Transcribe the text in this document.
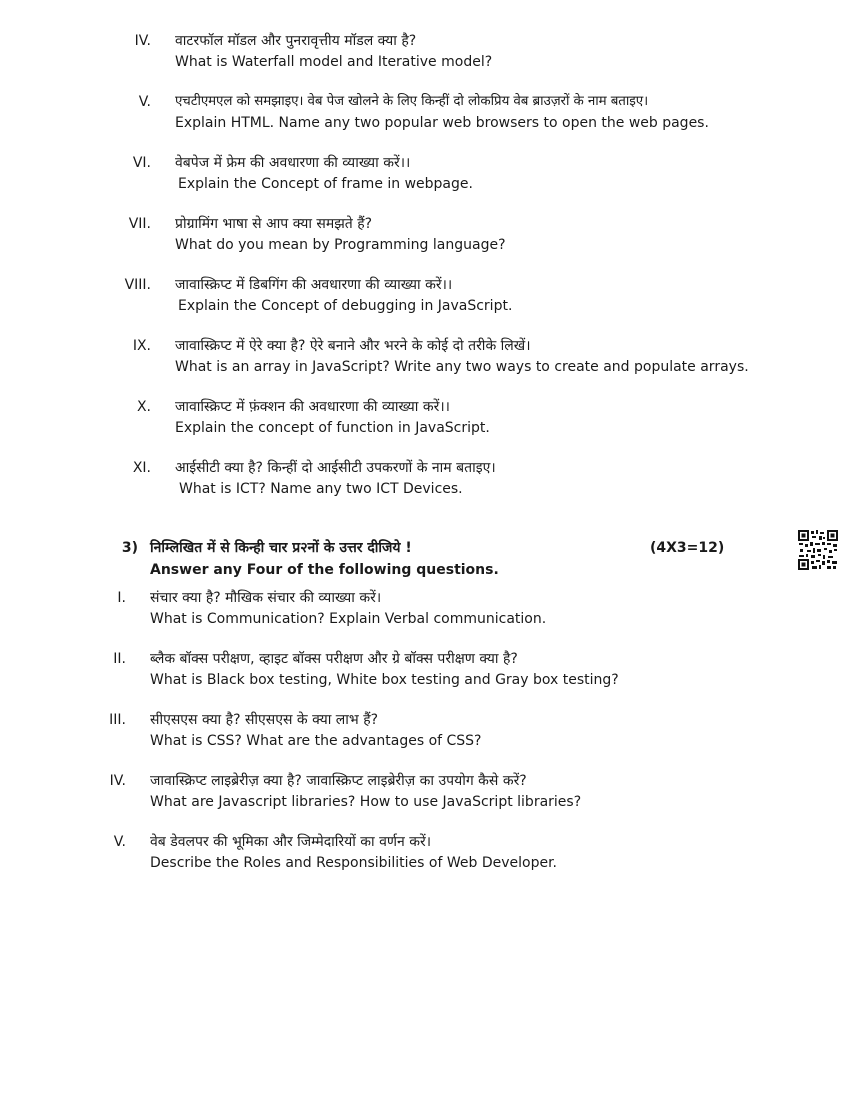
IV. वाटरफॉल मॉडल और पुनरावृत्तीय मॉडल क्या है?
What is Waterfall model and Iterative model?
V. एचटीएमएल को समझाइए। वेब पेज खोलने के लिए किन्हीं दो लोकप्रिय वेब ब्राउज़रों के नाम बताइए।
Explain HTML. Name any two popular web browsers to open the web pages.
VI. वेबपेज में फ्रेम की अवधारणा की व्याख्या करें।।
Explain the Concept of frame in webpage.
VII. प्रोग्रामिंग भाषा से आप क्या समझते हैं?
What do you mean by Programming language?
VIII. जावास्क्रिप्ट में डिबगिंग की अवधारणा की व्याख्या करें।।
Explain the Concept of debugging in JavaScript.
IX. जावास्क्रिप्ट में ऐरे क्या है? ऐरे बनाने और भरने के कोई दो तरीके लिखें।
What is an array in JavaScript? Write any two ways to create and populate arrays.
X. जावास्क्रिप्ट में फ़ंक्शन की अवधारणा की व्याख्या करें।।
Explain the concept of function in JavaScript.
XI. आईसीटी क्या है? किन्हीं दो आईसीटी उपकरणों के नाम बताइए।
What is ICT? Name any two ICT Devices.
3) निम्लिखित में से किन्ही चार प्र२नों के उत्तर दीजिये !
Answer any Four of the following questions.
(4X3=12)
I. संचार क्या है? मौखिक संचार की व्याख्या करें।
What is Communication? Explain Verbal communication.
II. ब्लैक बॉक्स परीक्षण, व्हाइट बॉक्स परीक्षण और ग्रे बॉक्स परीक्षण क्या है?
What is Black box testing, White box testing and Gray box testing?
III. सीएसएस क्या है? सीएसएस के क्या लाभ हैं?
What is CSS? What are the advantages of CSS?
IV. जावास्क्रिप्ट लाइब्रेरीज़ क्या है? जावास्क्रिप्ट लाइब्रेरीज़ का उपयोग कैसे करें?
What are Javascript libraries? How to use JavaScript libraries?
V. वेब डेवलपर की भूमिका और जिम्मेदारियों का वर्णन करें।
Describe the Roles and Responsibilities of Web Developer.
